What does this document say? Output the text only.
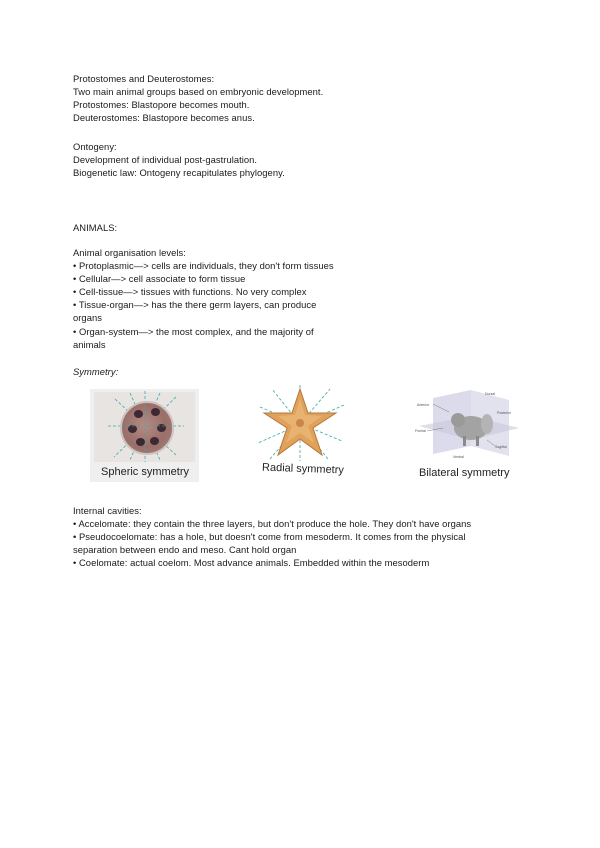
Protostomes and Deuterostomes:
Two main animal groups based on embryonic development.
Protostomes: Blastopore becomes mouth.
Deuterostomes: Blastopore becomes anus.
Ontogeny:
Development of individual post-gastrulation.
Biogenetic law: Ontogeny recapitulates phylogeny.
ANIMALS:
Animal organisation levels:
• Protoplasmic—> cells are individuals, they don't form tissues
• Cellular—> cell associate to form tissue
• Cell-tissue—> tissues with functions. No very complex
• Tissue-organ—> has the there germ layers, can produce
organs
• Organ-system—> the most complex, and the majority of
animals
Symmetry:
Spheric symmetry	Radial symmetry
Dorsal
Anterior
Posterior
Frontal
Ventral
Sagittal
Bilateral symmetry
Internal cavities:
• Accelomate: they contain the three layers, but don't produce the hole. They don't have organs
• Pseudocoelomate: has a hole, but doesn't come from mesoderm. It comes from the physical
separation between endo and meso. Cant hold organ
• Coelomate: actual coelom. Most advance animals. Embedded within the mesoderm
